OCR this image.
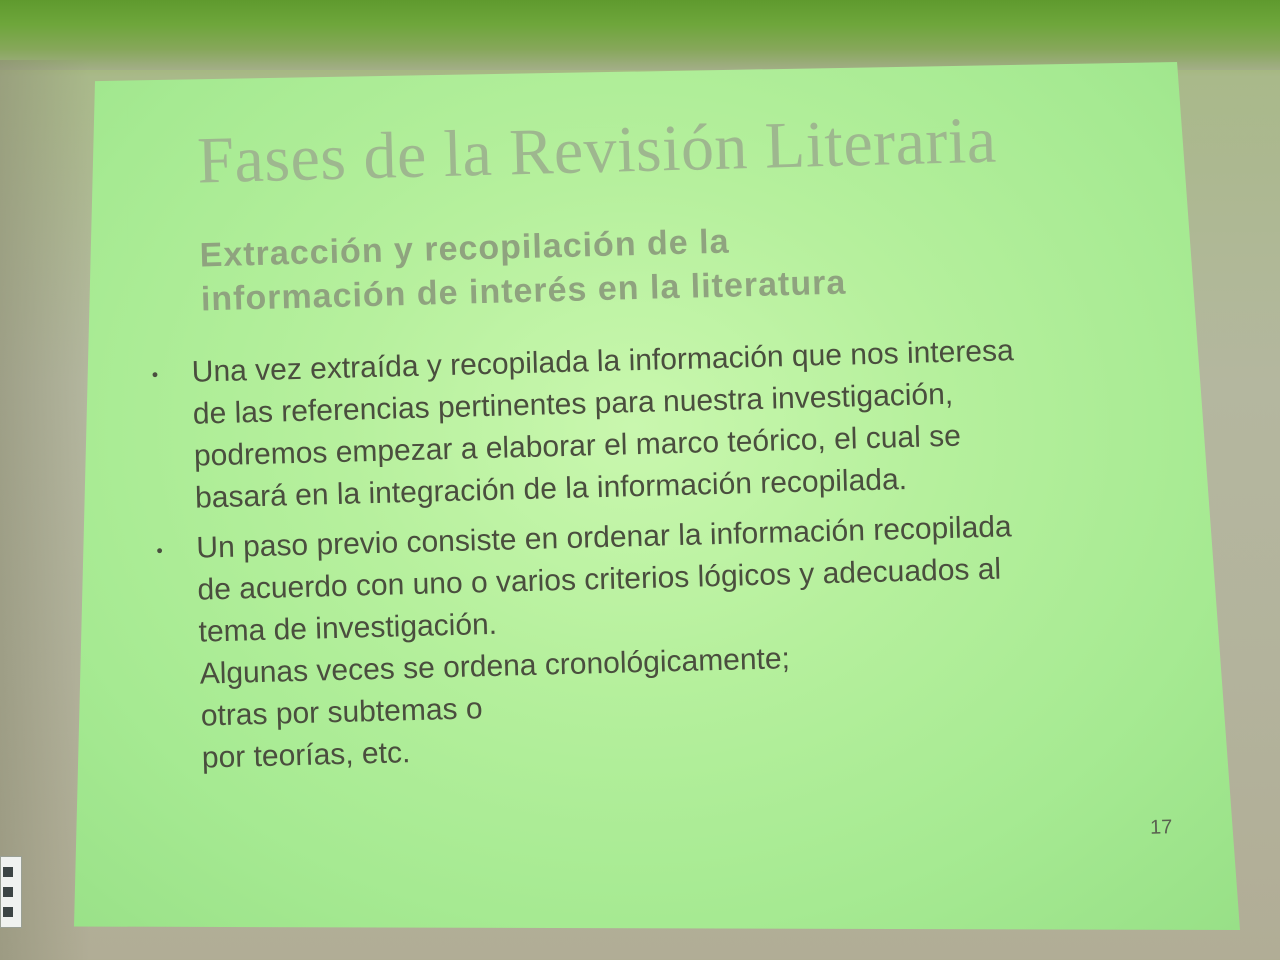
Fases de la Revisión Literaria
Extracción y recopilación de la
información de interés en la literatura
• Una vez extraída y recopilada la información que nos interesa
de las referencias pertinentes para nuestra investigación,
podremos empezar a elaborar el marco teórico, el cual se
basará en la integración de la información recopilada.
• Un paso previo consiste en ordenar la información recopilada
de acuerdo con uno o varios criterios lógicos y adecuados al
tema de investigación.
Algunas veces se ordena cronológicamente;
otras por subtemas o
por teorías, etc.
17
